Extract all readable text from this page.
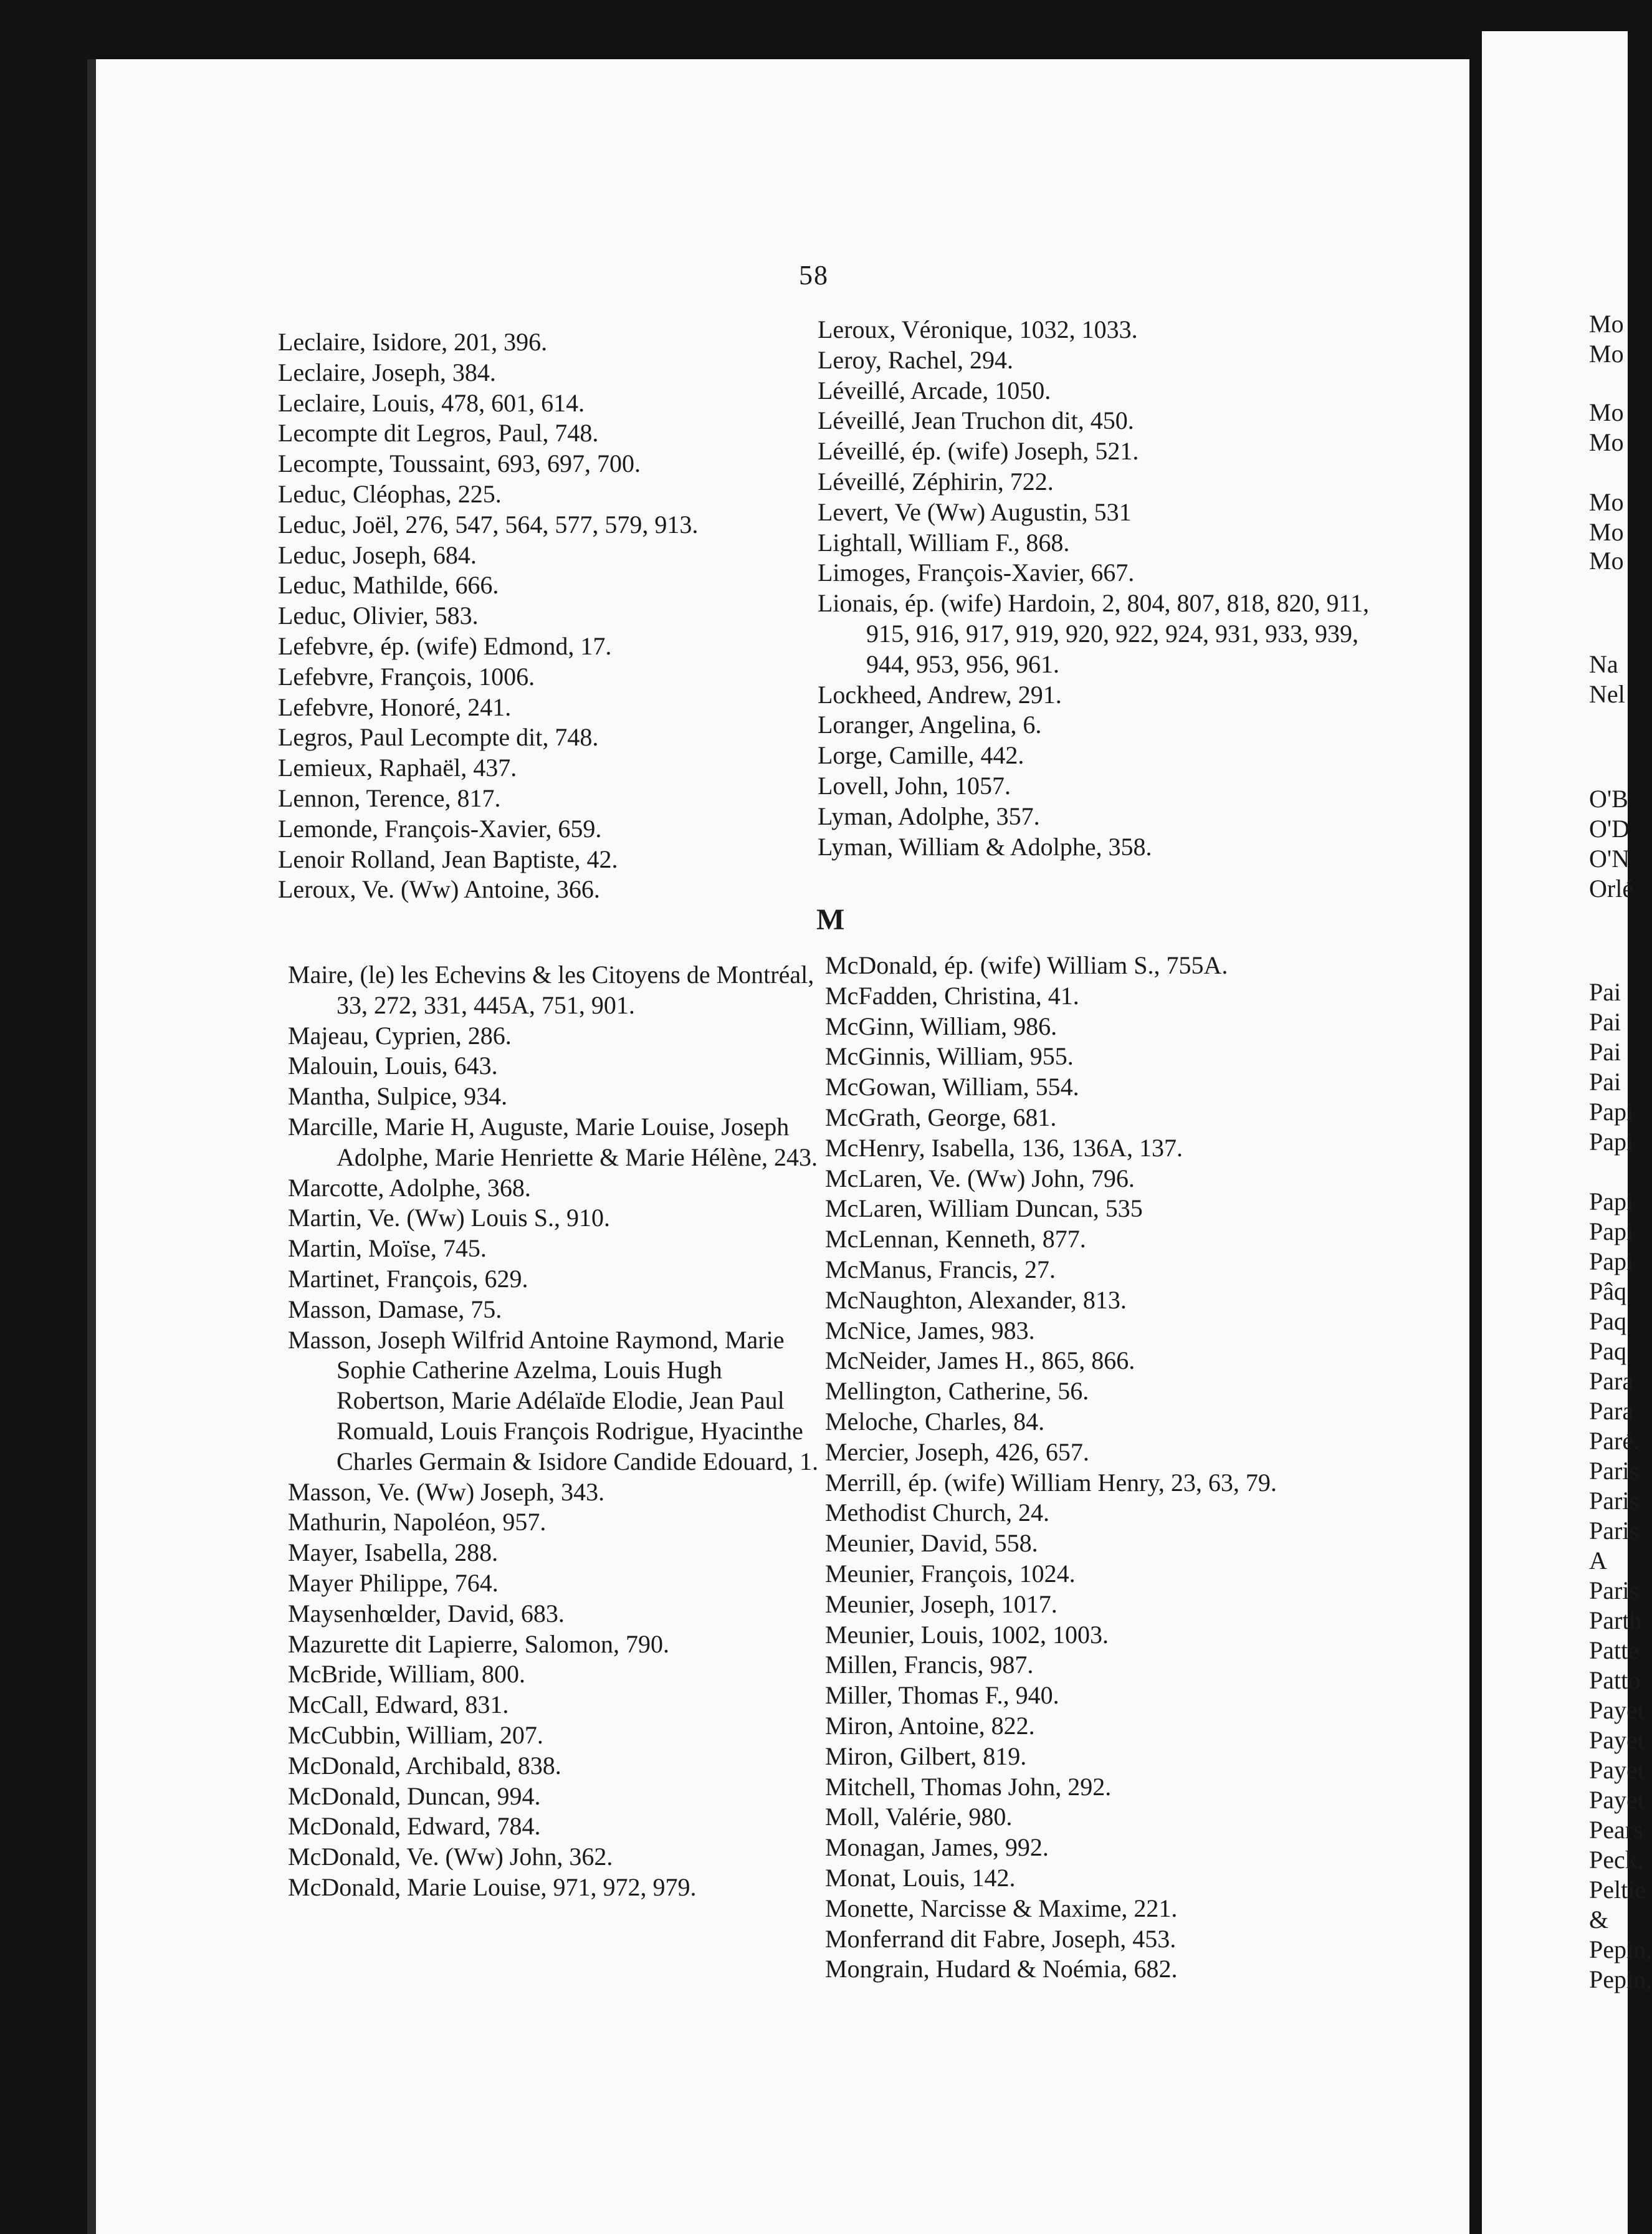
58
Leclaire, Isidore, 201, 396.
Leclaire, Joseph, 384.
Leclaire, Louis, 478, 601, 614.
Lecompte dit Legros, Paul, 748.
Lecompte, Toussaint, 693, 697, 700.
Leduc, Cléophas, 225.
Leduc, Joël, 276, 547, 564, 577, 579, 913.
Leduc, Joseph, 684.
Leduc, Mathilde, 666.
Leduc, Olivier, 583.
Lefebvre, ép. (wife) Edmond, 17.
Lefebvre, François, 1006.
Lefebvre, Honoré, 241.
Legros, Paul Lecompte dit, 748.
Lemieux, Raphaël, 437.
Lennon, Terence, 817.
Lemonde, François-Xavier, 659.
Lenoir Rolland, Jean Baptiste, 42.
Leroux, Ve. (Ww) Antoine, 366.
Leroux, Véronique, 1032, 1033.
Leroy, Rachel, 294.
Léveillé, Arcade, 1050.
Léveillé, Jean Truchon dit, 450.
Léveillé, ép. (wife) Joseph, 521.
Léveillé, Zéphirin, 722.
Levert, Ve (Ww) Augustin, 531
Lightall, William F., 868.
Limoges, François-Xavier, 667.
Lionais, ép. (wife) Hardoin, 2, 804, 807, 818, 820, 911, 915, 916, 917, 919, 920, 922, 924, 931, 933, 939, 944, 953, 956, 961.
Lockheed, Andrew, 291.
Loranger, Angelina, 6.
Lorge, Camille, 442.
Lovell, John, 1057.
Lyman, Adolphe, 357.
Lyman, William & Adolphe, 358.
M
Maire, (le) les Echevins & les Citoyens de Montréal, 33, 272, 331, 445A, 751, 901.
Majeau, Cyprien, 286.
Malouin, Louis, 643.
Mantha, Sulpice, 934.
Marcille, Marie H, Auguste, Marie Louise, Joseph Adolphe, Marie Henriette & Marie Hélène, 243.
Marcotte, Adolphe, 368.
Martin, Ve. (Ww) Louis S., 910.
Martin, Moïse, 745.
Martinet, François, 629.
Masson, Damase, 75.
Masson, Joseph Wilfrid Antoine Raymond, Marie Sophie Catherine Azelma, Louis Hugh Robertson, Marie Adélaïde Elodie, Jean Paul Romuald, Louis François Rodrigue, Hyacinthe Charles Germain & Isidore Candide Edouard, 1.
Masson, Ve. (Ww) Joseph, 343.
Mathurin, Napoléon, 957.
Mayer, Isabella, 288.
Mayer Philippe, 764.
Maysenhœlder, David, 683.
Mazurette dit Lapierre, Salomon, 790.
McBride, William, 800.
McCall, Edward, 831.
McCubbin, William, 207.
McDonald, Archibald, 838.
McDonald, Duncan, 994.
McDonald, Edward, 784.
McDonald, Ve. (Ww) John, 362.
McDonald, Marie Louise, 971, 972, 979.
McDonald, ép. (wife) William S., 755A.
McFadden, Christina, 41.
McGinn, William, 986.
McGinnis, William, 955.
McGowan, William, 554.
McGrath, George, 681.
McHenry, Isabella, 136, 136A, 137.
McLaren, Ve. (Ww) John, 796.
McLaren, William Duncan, 535
McLennan, Kenneth, 877.
McManus, Francis, 27.
McNaughton, Alexander, 813.
McNice, James, 983.
McNeider, James H., 865, 866.
Mellington, Catherine, 56.
Meloche, Charles, 84.
Mercier, Joseph, 426, 657.
Merrill, ép. (wife) William Henry, 23, 63, 79.
Methodist Church, 24.
Meunier, David, 558.
Meunier, François, 1024.
Meunier, Joseph, 1017.
Meunier, Louis, 1002, 1003.
Millen, Francis, 987.
Miller, Thomas F., 940.
Miron, Antoine, 822.
Miron, Gilbert, 819.
Mitchell, Thomas John, 292.
Moll, Valérie, 980.
Monagan, James, 992.
Monat, Louis, 142.
Monette, Narcisse & Maxime, 221.
Monferrand dit Fabre, Joseph, 453.
Mongrain, Hudard & Noémia, 682.
Mo
Mo
Mo
Mo
Mo
Mo
Mo
Na
Nel
O'B
O'D
O'N
Orlé
Pai
Pai
Pai
Pai
Papi
Papi
Papi
Papi
Papi
Pâq
Paq
Paq
Para
Para
Paré.
Paris
Paris
Paris
A
Paris
Parth
Patte
Patto
Payet
Payet
Payet
Payet
Pears
Peck,
Peltie
&
Pepin,
Pepin,
